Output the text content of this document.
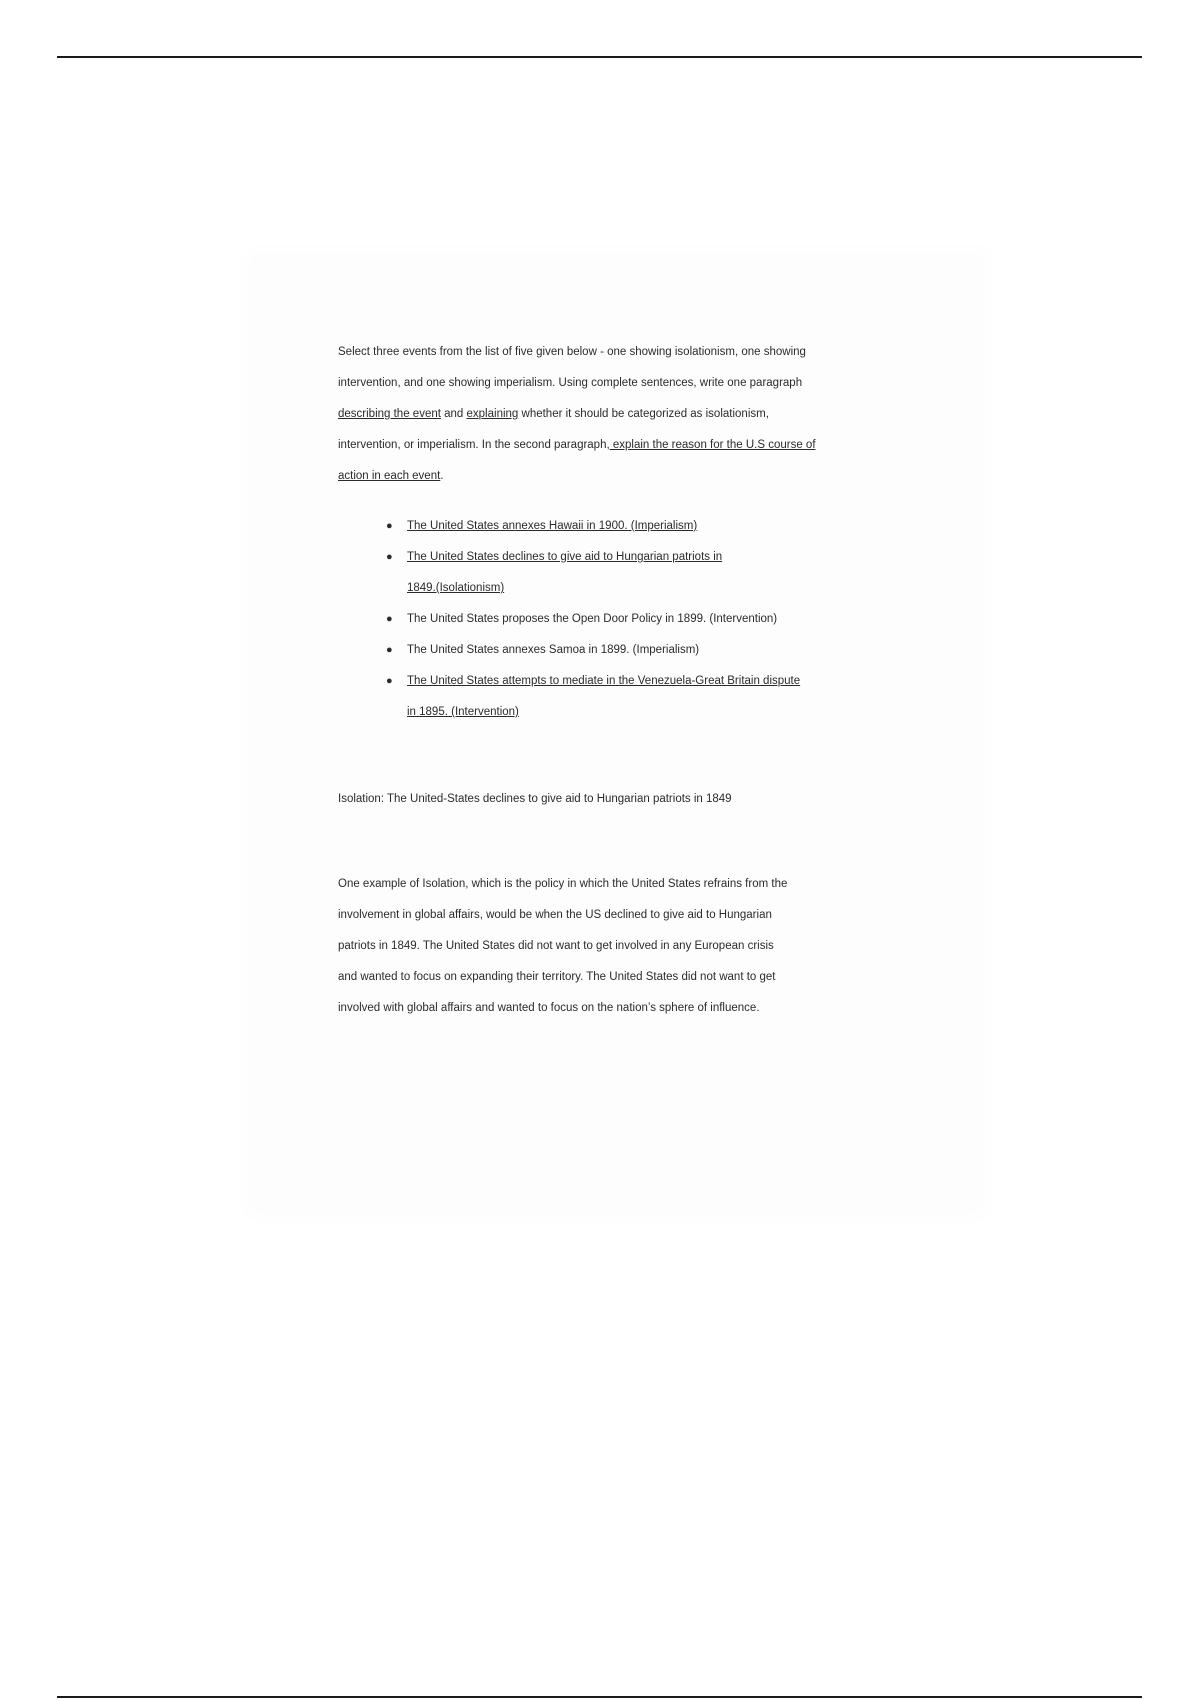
Select three events from the list of five given below - one showing isolationism, one showing
intervention, and one showing imperialism. Using complete sentences, write one paragraph
describing the event and explaining whether it should be categorized as isolationism,
intervention, or imperialism. In the second paragraph, explain the reason for the U.S course of
action in each event.
● The United States annexes Hawaii in 1900. (Imperialism)
● The United States declines to give aid to Hungarian patriots in
1849.(Isolationism)
● The United States proposes the Open Door Policy in 1899. (Intervention)
● The United States annexes Samoa in 1899. (Imperialism)
● The United States attempts to mediate in the Venezuela-Great Britain dispute
in 1895. (Intervention)
Isolation: The United-States declines to give aid to Hungarian patriots in 1849
One example of Isolation, which is the policy in which the United States refrains from the
involvement in global affairs, would be when the US declined to give aid to Hungarian
patriots in 1849. The United States did not want to get involved in any European crisis
and wanted to focus on expanding their territory. The United States did not want to get
involved with global affairs and wanted to focus on the nation’s sphere of influence.
